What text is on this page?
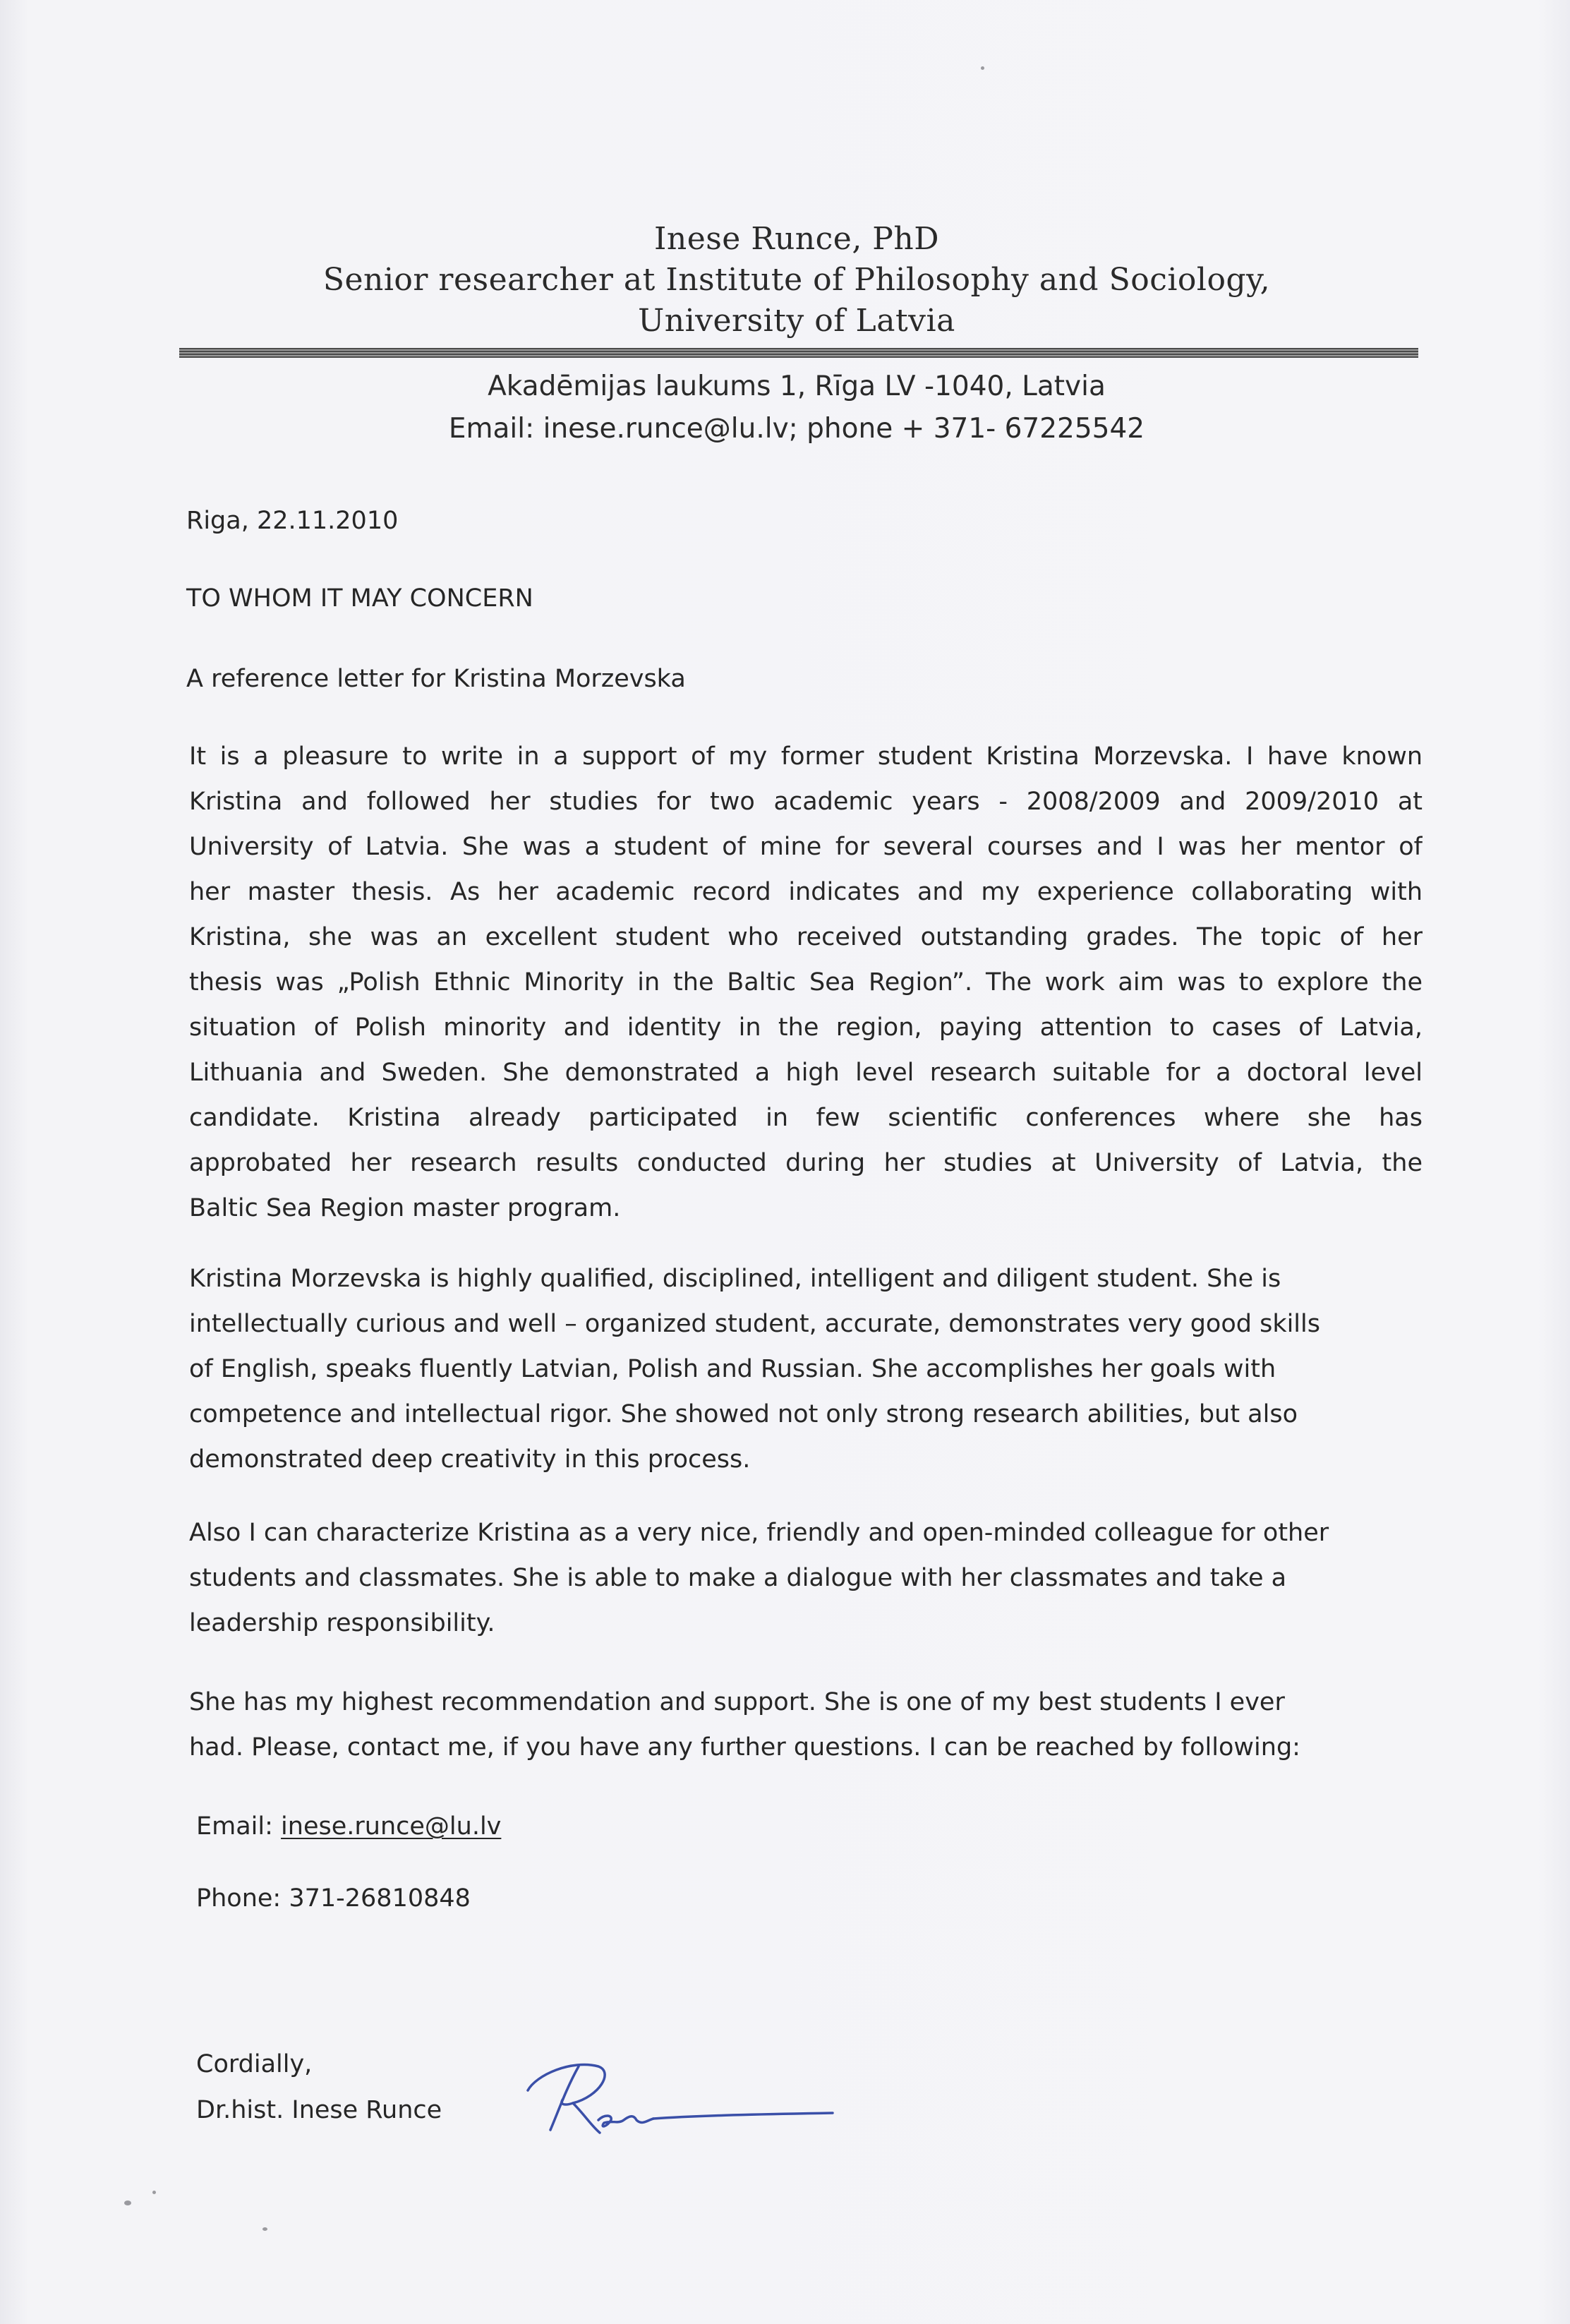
Inese Runce, PhD
Senior researcher at Institute of Philosophy and Sociology,
University of Latvia
Akadēmijas laukums 1, Rīga LV -1040, Latvia
Email: inese.runce@lu.lv; phone + 371- 67225542
Riga, 22.11.2010
TO WHOM IT MAY CONCERN
A reference letter for Kristina Morzevska
It is a pleasure to write in a support of my former student Kristina Morzevska. I have known
Kristina and followed her studies for two academic years - 2008/2009 and 2009/2010 at
University of Latvia. She was a student of mine for several courses and I was her mentor of
her master thesis. As her academic record indicates and my experience collaborating with
Kristina, she was an excellent student who received outstanding grades. The topic of her
thesis was „Polish Ethnic Minority in the Baltic Sea Region”. The work aim was to explore the
situation of Polish minority and identity in the region, paying attention to cases of Latvia,
Lithuania and Sweden. She demonstrated a high level research suitable for a doctoral level
candidate. Kristina already participated in few scientific conferences where she has
approbated her research results conducted during her studies at University of Latvia, the
Baltic Sea Region master program.
Kristina Morzevska is highly qualified, disciplined, intelligent and diligent student. She is
intellectually curious and well – organized student, accurate, demonstrates very good skills
of English, speaks fluently Latvian, Polish and Russian. She accomplishes her goals with
competence and intellectual rigor. She showed not only strong research abilities, but also
demonstrated deep creativity in this process.
Also I can characterize Kristina as a very nice, friendly and open-minded colleague for other
students and classmates. She is able to make a dialogue with her classmates and take a
leadership responsibility.
She has my highest recommendation and support. She is one of my best students I ever
had. Please, contact me, if you have any further questions. I can be reached by following:
Email: inese.runce@lu.lv
Phone: 371-26810848
Cordially,
Dr.hist. Inese Runce
